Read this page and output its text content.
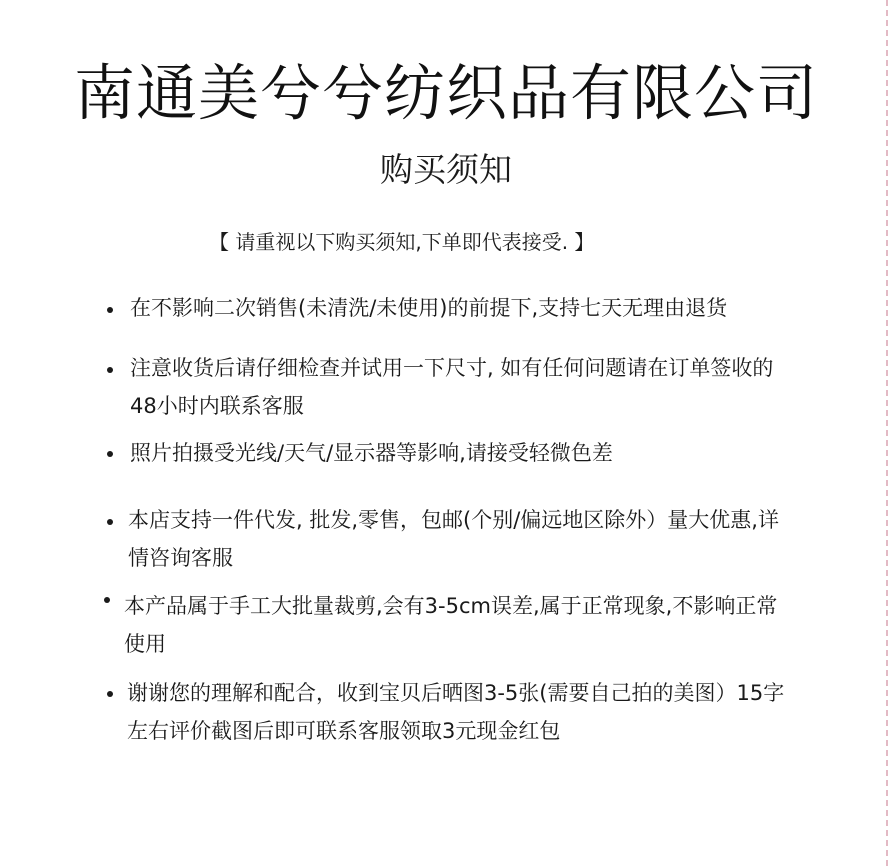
南通美兮兮纺织品有限公司
购买须知
【 请重视以下购买须知,下单即代表接受. 】
在不影响二次销售(未清洗/未使用)的前提下,支持七天无理由退货
注意收货后请仔细检查并试用一下尺寸, 如有任何问题请在订单签收的48小时内联系客服
照片拍摄受光线/天气/显示器等影响,请接受轻微色差
本店支持一件代发, 批发,零售，包邮(个别/偏远地区除外）量大优惠,详情咨询客服
本产品属于手工大批量裁剪,会有3-5cm误差,属于正常现象,不影响正常使用
谢谢您的理解和配合，收到宝贝后晒图3-5张(需要自己拍的美图）15字左右评价截图后即可联系客服领取3元现金红包
